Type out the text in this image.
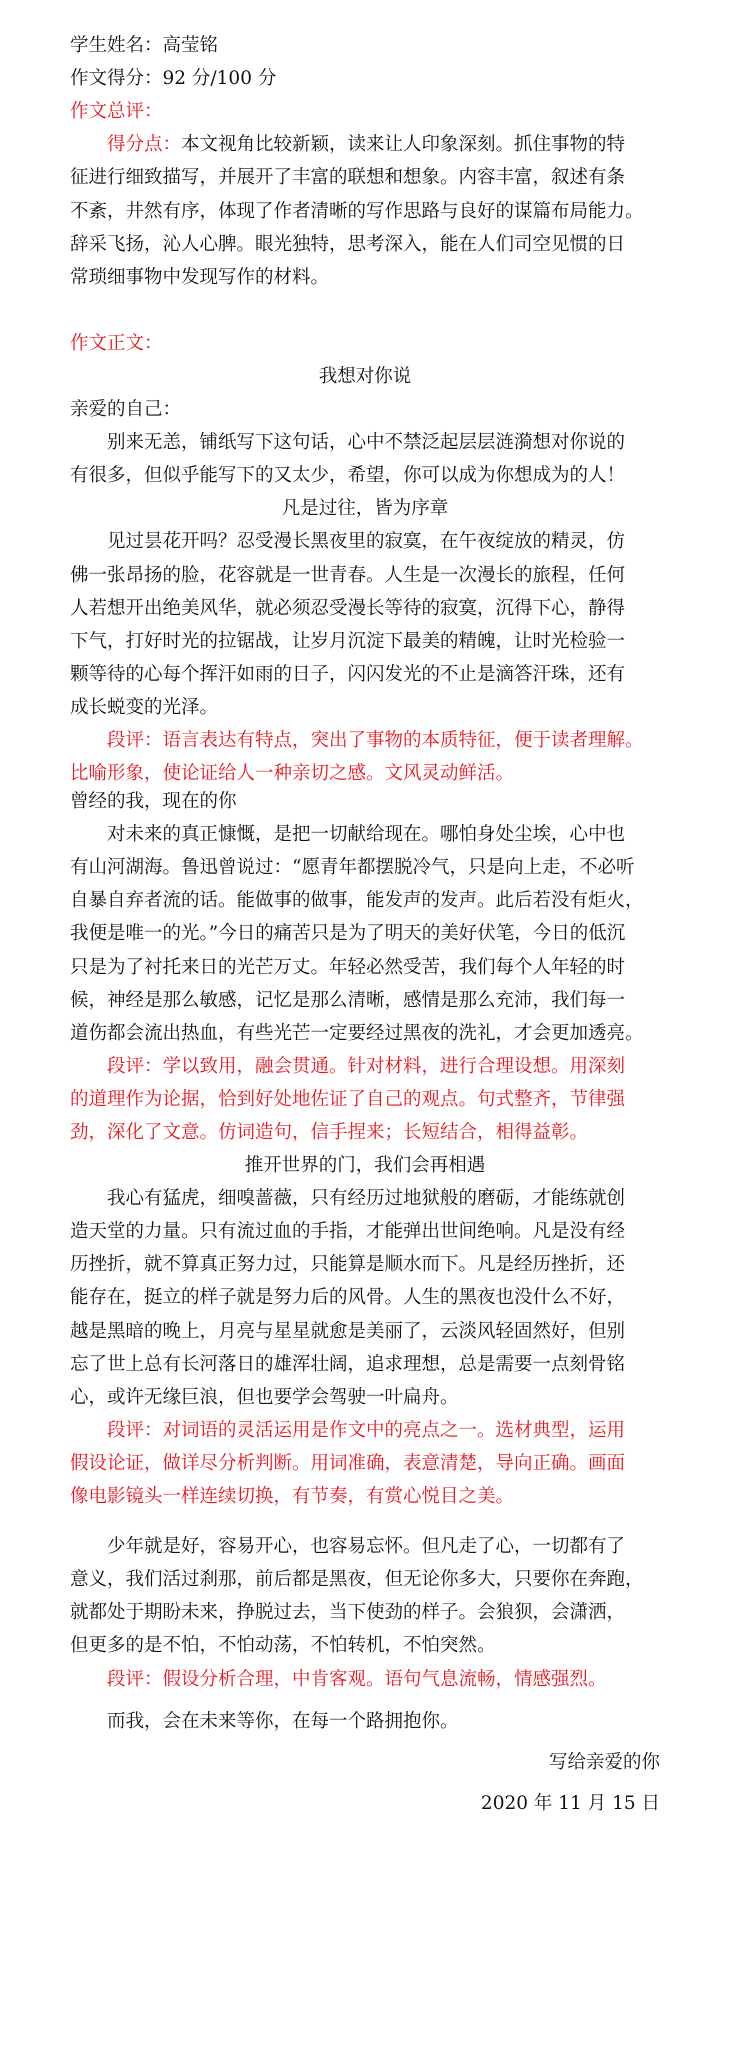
学生姓名：高莹铭
作文得分：92 分/100 分
作文总评：
得分点：本文视角比较新颖，读来让人印象深刻。抓住事物的特
征进行细致描写，并展开了丰富的联想和想象。内容丰富，叙述有条
不紊，井然有序，体现了作者清晰的写作思路与良好的谋篇布局能力。
辞采飞扬，沁人心脾。眼光独特，思考深入，能在人们司空见惯的日
常琐细事物中发现写作的材料。
作文正文：
我想对你说
亲爱的自己：
别来无恙，铺纸写下这句话，心中不禁泛起层层涟漪想对你说的
有很多，但似乎能写下的又太少，希望，你可以成为你想成为的人！
凡是过往，皆为序章
见过昙花开吗？忍受漫长黑夜里的寂寞，在午夜绽放的精灵，仿
佛一张昂扬的脸，花容就是一世青春。人生是一次漫长的旅程，任何
人若想开出绝美风华，就必须忍受漫长等待的寂寞，沉得下心，静得
下气，打好时光的拉锯战，让岁月沉淀下最美的精魄，让时光检验一
颗等待的心每个挥汗如雨的日子，闪闪发光的不止是滴答汗珠，还有
成长蜕变的光泽。
段评：语言表达有特点，突出了事物的本质特征，便于读者理解。
比喻形象，使论证给人一种亲切之感。文风灵动鲜活。
曾经的我，现在的你
对未来的真正慷慨，是把一切献给现在。哪怕身处尘埃，心中也
有山河湖海。鲁迅曾说过：“愿青年都摆脱冷气，只是向上走，不必听
自暴自弃者流的话。能做事的做事，能发声的发声。此后若没有炬火，
我便是唯一的光。”今日的痛苦只是为了明天的美好伏笔，今日的低沉
只是为了衬托来日的光芒万丈。年轻必然受苦，我们每个人年轻的时
候，神经是那么敏感，记忆是那么清晰，感情是那么充沛，我们每一
道伤都会流出热血，有些光芒一定要经过黑夜的洗礼，才会更加透亮。
段评：学以致用，融会贯通。针对材料，进行合理设想。用深刻
的道理作为论据，恰到好处地佐证了自己的观点。句式整齐，节律强
劲，深化了文意。仿词造句，信手捏来；长短结合，相得益彰。
推开世界的门，我们会再相遇
我心有猛虎，细嗅蔷薇，只有经历过地狱般的磨砺，才能练就创
造天堂的力量。只有流过血的手指，才能弹出世间绝响。凡是没有经
历挫折，就不算真正努力过，只能算是顺水而下。凡是经历挫折，还
能存在，挺立的样子就是努力后的风骨。人生的黑夜也没什么不好，
越是黑暗的晚上，月亮与星星就愈是美丽了，云淡风轻固然好，但别
忘了世上总有长河落日的雄浑壮阔，追求理想，总是需要一点刻骨铭
心，或许无缘巨浪，但也要学会驾驶一叶扁舟。
段评：对词语的灵活运用是作文中的亮点之一。选材典型，运用
假设论证，做详尽分析判断。用词准确，表意清楚，导向正确。画面
像电影镜头一样连续切换，有节奏，有赏心悦目之美。
少年就是好，容易开心，也容易忘怀。但凡走了心，一切都有了
意义，我们活过刹那，前后都是黑夜，但无论你多大，只要你在奔跑，
就都处于期盼未来，挣脱过去，当下使劲的样子。会狼狈，会潇洒，
但更多的是不怕，不怕动荡，不怕转机，不怕突然。
段评：假设分析合理，中肯客观。语句气息流畅，情感强烈。
而我，会在未来等你，在每一个路拥抱你。
写给亲爱的你
2020 年 11 月 15 日
